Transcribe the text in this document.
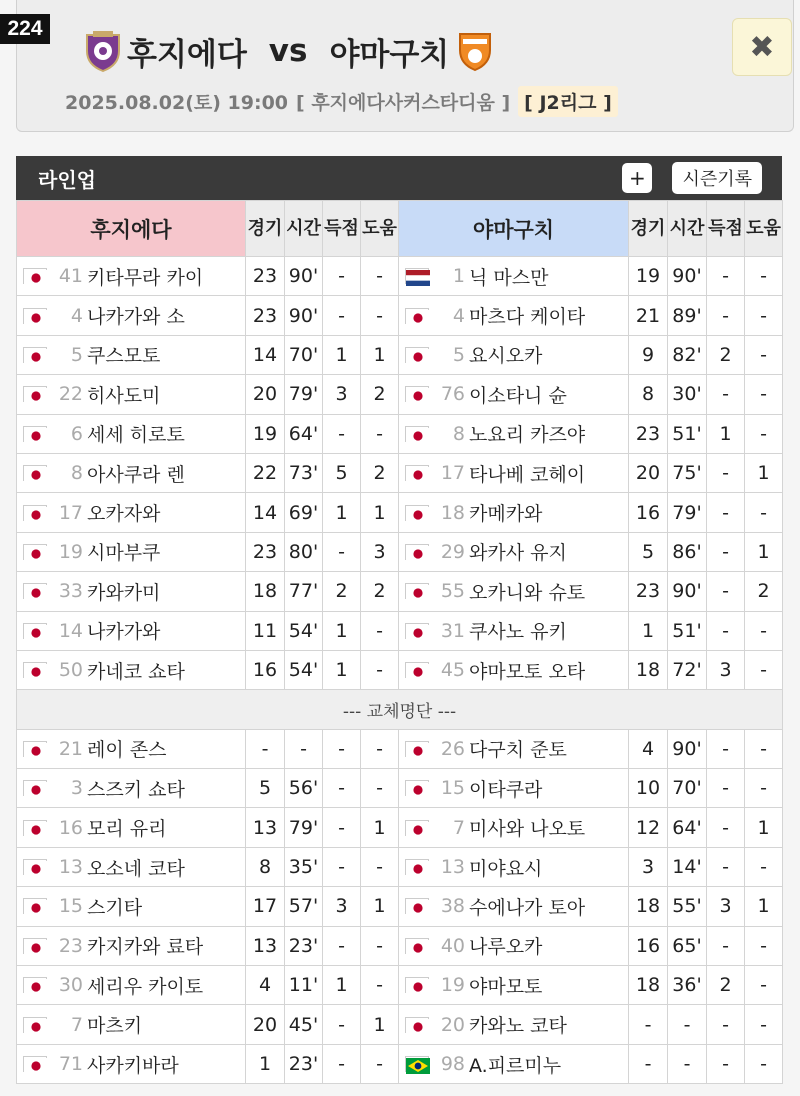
후지에다 vs 야마구치
2025.08.02(토) 19:00 [ 후지에다사커스타디움 ] [ J2리그 ]
✖
224
라인업	+	시즌기록
후지에다	경기	시간	득점	도움	야마구치	경기	시간	득점	도움

41 키타무라 카이	23	90'	-	-	1 닉 마스만	19	90'	-	-

4 나카가와 소	23	90'	-	-	4 마츠다 케이타	21	89'	-	-

5 쿠스모토	14	70'	1	1	5 요시오카	9	82'	2	-

22 히사도미	20	79'	3	2	76 이소타니 슌	8	30'	-	-

6 세세 히로토	19	64'	-	-	8 노요리 카즈야	23	51'	1	-

8 아사쿠라 렌	22	73'	5	2	17 타나베 코헤이	20	75'	-	1

17 오카자와	14	69'	1	1	18 카메카와	16	79'	-	-

19 시마부쿠	23	80'	-	3	29 와카사 유지	5	86'	-	1

33 카와카미	18	77'	2	2	55 오카니와 슈토	23	90'	-	2

14 나카가와	11	54'	1	-	31 쿠사노 유키	1	51'	-	-

50 카네코 쇼타	16	54'	1	-	45 야마모토 오타	18	72'	3	-
--- 교체명단 ---									

21 레이 존스	-	-	-	-	26 다구치 준토	4	90'	-	-

3 스즈키 쇼타	5	56'	-	-	15 이타쿠라	10	70'	-	-

16 모리 유리	13	79'	-	1	7 미사와 나오토	12	64'	-	1

13 오소네 코타	8	35'	-	-	13 미야요시	3	14'	-	-

15 스기타	17	57'	3	1	38 수에나가 토아	18	55'	3	1

23 카지카와 료타	13	23'	-	-	40 나루오카	16	65'	-	-

30 세리우 카이토	4	11'	1	-	19 야마모토	18	36'	2	-

7 마츠키	20	45'	-	1	20 카와노 코타	-	-	-	-

71 사카키바라	1	23'	-	-	98 A.피르미누	-	-	-	-
